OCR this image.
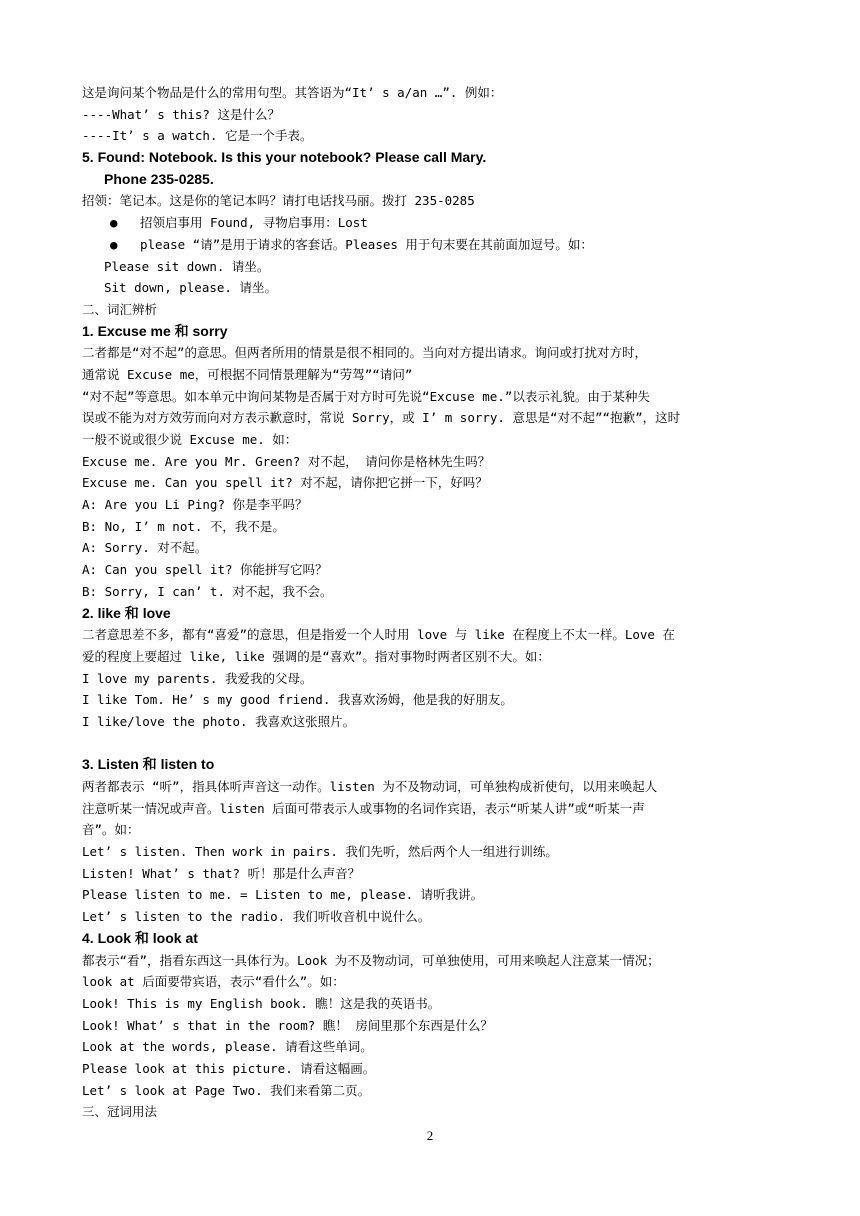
这是询问某个物品是什么的常用句型。其答语为“It’ s a/an …”. 例如：
----What’ s this? 这是什么？
----It’ s a watch. 它是一个手表。
5. Found: Notebook. Is this your notebook? Please call Mary.
Phone 235-0285.
招领：笔记本。这是你的笔记本吗？请打电话找马丽。拨打 235-0285
● 招领启事用 Found, 寻物启事用：Lost
● please “请”是用于请求的客套话。Pleases 用于句末要在其前面加逗号。如：
Please sit down. 请坐。
Sit down, please. 请坐。
二、词汇辨析
1. Excuse me 和 sorry
二者都是“对不起”的意思。但两者所用的情景是很不相同的。当向对方提出请求。询问或打扰对方时，
通常说 Excuse me，可根据不同情景理解为“劳驾”“请问”
“对不起”等意思。如本单元中询问某物是否属于对方时可先说“Excuse me.”以表示礼貌。由于某种失
误或不能为对方效劳而向对方表示歉意时，常说 Sorry，或 I’ m sorry. 意思是“对不起”“抱歉”，这时
一般不说或很少说 Excuse me. 如：
Excuse me. Are you Mr. Green? 对不起， 请问你是格林先生吗？
Excuse me. Can you spell it? 对不起，请你把它拼一下，好吗？
A: Are you Li Ping? 你是李平吗？
B: No, I’ m not. 不，我不是。
A: Sorry. 对不起。
A: Can you spell it? 你能拼写它吗？
B: Sorry, I can’ t. 对不起，我不会。
2. like 和 love
二者意思差不多，都有“喜爱”的意思，但是指爱一个人时用 love 与 like 在程度上不太一样。Love 在
爱的程度上要超过 like, like 强调的是“喜欢”。指对事物时两者区别不大。如：
I love my parents. 我爱我的父母。
I like Tom. He’ s my good friend. 我喜欢汤姆，他是我的好朋友。
I like/love the photo. 我喜欢这张照片。
3. Listen 和 listen to
两者都表示 “听”，指具体听声音这一动作。listen 为不及物动词，可单独构成祈使句，以用来唤起人
注意听某一情况或声音。listen 后面可带表示人或事物的名词作宾语，表示“听某人讲”或“听某一声
音”。如：
Let’ s listen. Then work in pairs. 我们先听，然后两个人一组进行训练。
Listen! What’ s that? 听！那是什么声音？
Please listen to me. = Listen to me, please. 请听我讲。
Let’ s listen to the radio. 我们听收音机中说什么。
4. Look 和 look at
都表示“看”，指看东西这一具体行为。Look 为不及物动词，可单独使用，可用来唤起人注意某一情况；
look at 后面要带宾语，表示“看什么”。如：
Look! This is my English book. 瞧！这是我的英语书。
Look! What’ s that in the room? 瞧！ 房间里那个东西是什么？
Look at the words, please. 请看这些单词。
Please look at this picture. 请看这幅画。
Let’ s look at Page Two. 我们来看第二页。
三、冠词用法
2
